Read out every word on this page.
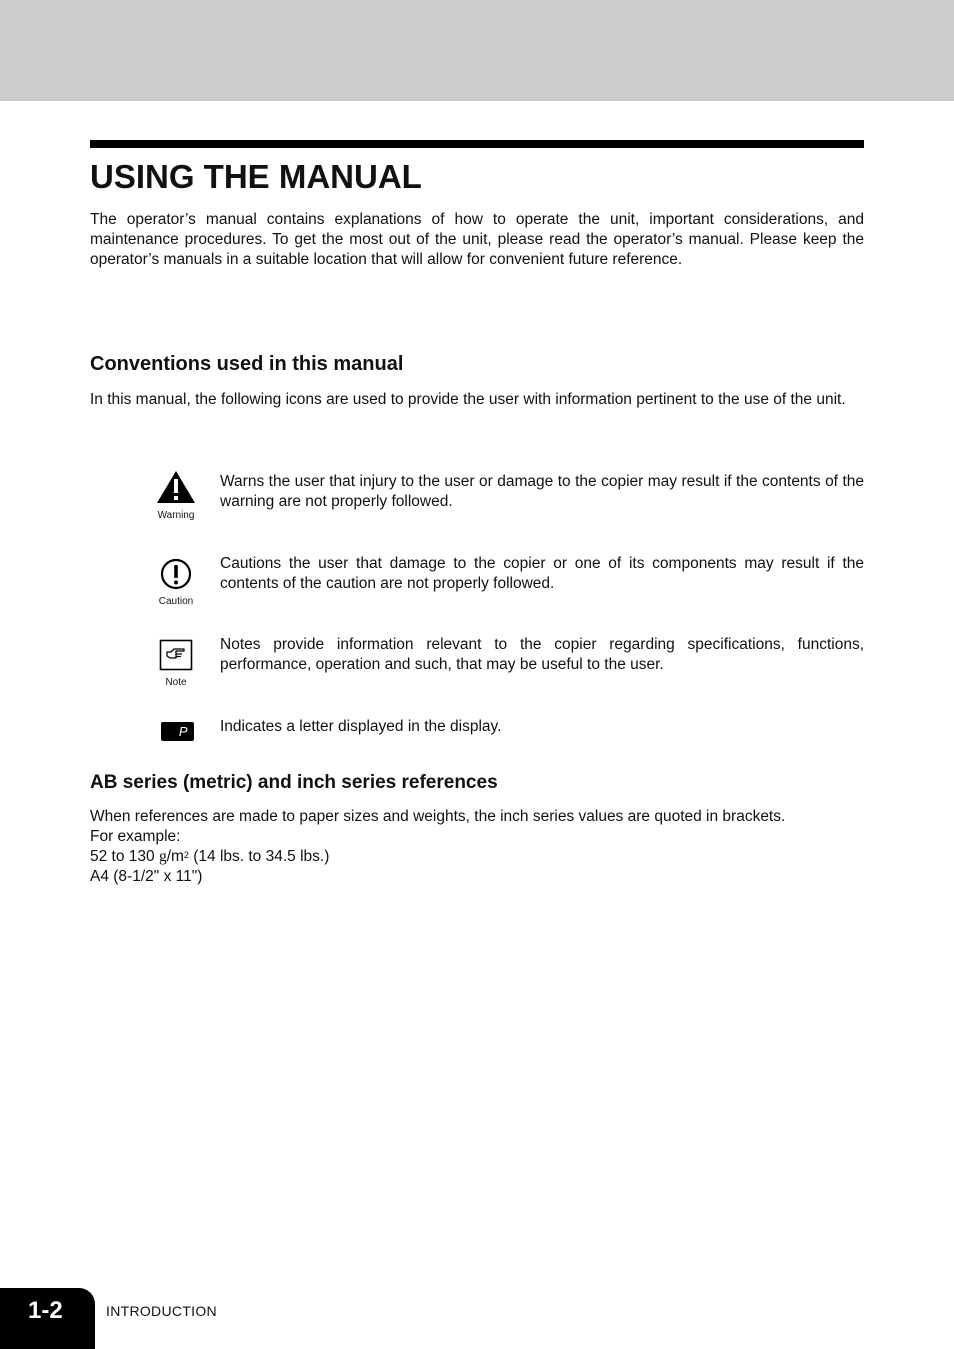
USING THE MANUAL

The operator’s manual contains explanations of how to operate the unit, important considerations, and maintenance procedures. To get the most out of the unit, please read the operator’s manual. Please keep the operator’s manuals in a suitable location that will allow for convenient future reference.

Conventions used in this manual

In this manual, the following icons are used to provide the user with information pertinent to the use of the unit.

Warning

Warns the user that injury to the user or damage to the copier may result if the contents of the warning are not properly followed.

Caution

Cautions the user that damage to the copier or one of its components may result if the contents of the caution are not properly followed.

Note

Notes provide information relevant to the copier regarding specifications, functions, performance, operation and such, that may be useful to the user.

P	Indicates a letter displayed in the display.

AB series (metric) and inch series references

When references are made to paper sizes and weights, the inch series values are quoted in brackets.

For example:

52 to 130 $g/m^2$ (14 lbs. to 34.5 lbs.)

A4 (8-1/2" x 11")

1-2	INTRODUCTION
